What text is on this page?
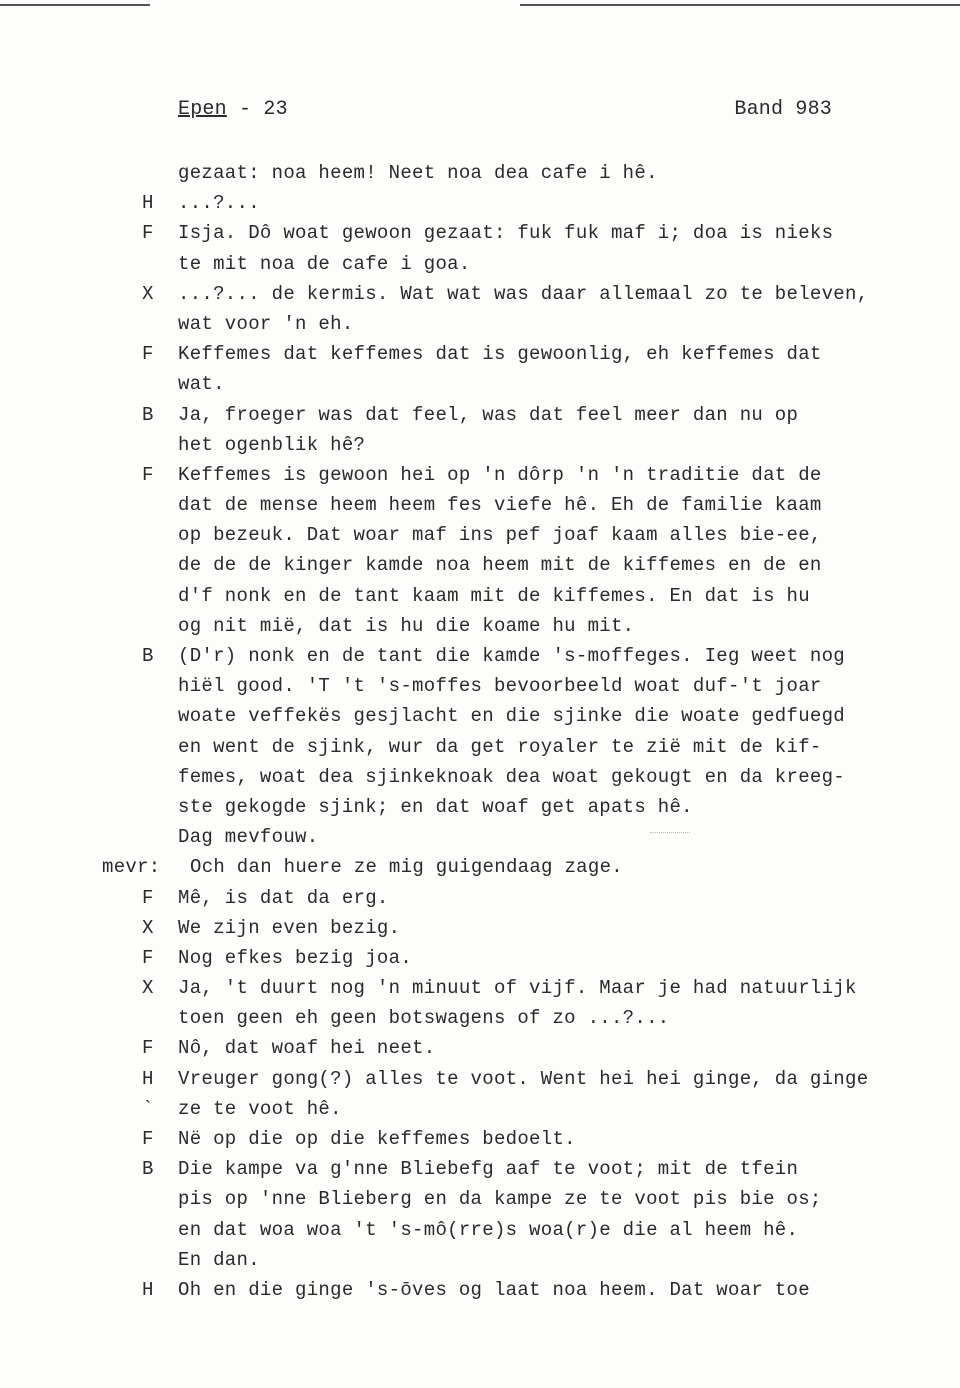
Epen - 23	Band 983
gezaat: noa heem! Neet noa dea cafe i hê.
H	...?...
F	Isja. Dô woat gewoon gezaat: fuk fuk maf i; doa is nieks
te mit noa de cafe i goa.
X	...?... de kermis. Wat wat was daar allemaal zo te beleven,
wat voor 'n eh.
F	Keffemes dat keffemes dat is gewoonlig, eh keffemes dat
wat.
B	Ja, froeger was dat feel, was dat feel meer dan nu op
het ogenblik hê?
F	Keffemes is gewoon hei op 'n dôrp 'n 'n traditie dat de
dat de mense heem heem fes viefe hê. Eh de familie kaam
op bezeuk. Dat woar maf ins pef joaf kaam alles bie-ee,
de de de kinger kamde noa heem mit de kiffemes en de en
d'f nonk en de tant kaam mit de kiffemes. En dat is hu
og nit mië, dat is hu die koame hu mit.
B	(D'r) nonk en de tant die kamde 's-moffeges. Ieg weet nog
hiël good. 'T 't 's-moffes bevoorbeeld woat duf-'t joar
woate veffekës gesjlacht en die sjinke die woate gedfuegd
en went de sjink, wur da get royaler te zië mit de kif-
femes, woat dea sjinkeknoak dea woat gekougt en da kreeg-
ste gekogde sjink; en dat woaf get apats hê.
Dag mevfouw.
mevr: Och dan huere ze mig guigendaag zage.
F	Mê, is dat da erg.
X	We zijn even bezig.
F	Nog efkes bezig joa.
X	Ja, 't duurt nog 'n minuut of vijf. Maar je had natuurlijk
toen geen eh geen botswagens of zo ...?...
F	Nô, dat woaf hei neet.
H	Vreuger gong(?) alles te voot. Went hei hei ginge, da ginge
`	ze te voot hê.
F	Në op die op die keffemes bedoelt.
B	Die kampe va g'nne Bliebefg aaf te voot; mit de tfein
pis op 'nne Blieberg en da kampe ze te voot pis bie os;
en dat woa woa 't 's-mô(rre)s woa(r)e die al heem hê.
En dan.
H	Oh en die ginge 's-ōves og laat noa heem. Dat woar toe
